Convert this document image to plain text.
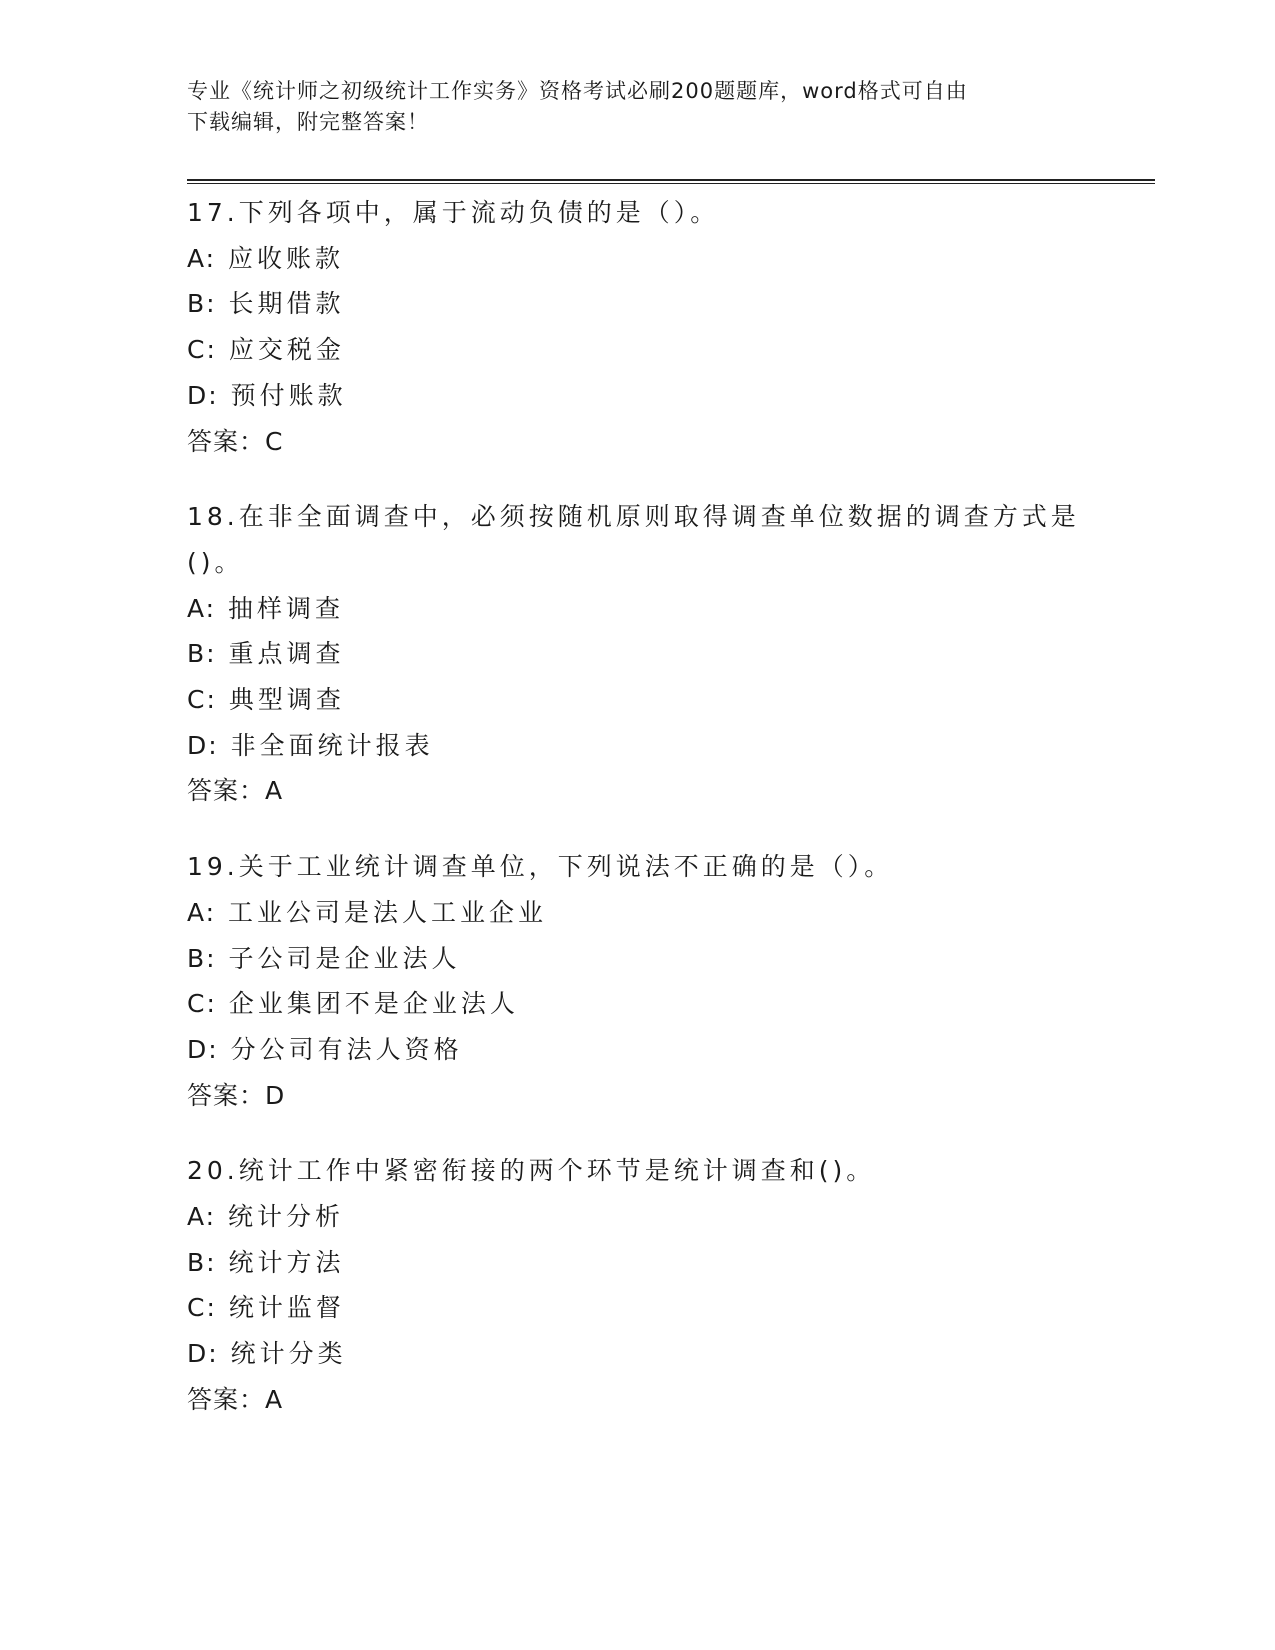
专业《统计师之初级统计工作实务》资格考试必刷200题题库，word格式可自由
下载编辑，附完整答案！
17.下列各项中，属于流动负债的是（）。
A: 应收账款
B: 长期借款
C: 应交税金
D: 预付账款
答案：C
18.在非全面调查中，必须按随机原则取得调查单位数据的调查方式是
()。
A: 抽样调查
B: 重点调查
C: 典型调查
D: 非全面统计报表
答案：A
19.关于工业统计调查单位，下列说法不正确的是（）。
A: 工业公司是法人工业企业
B: 子公司是企业法人
C: 企业集团不是企业法人
D: 分公司有法人资格
答案：D
20.统计工作中紧密衔接的两个环节是统计调查和()。
A: 统计分析
B: 统计方法
C: 统计监督
D: 统计分类
答案：A
